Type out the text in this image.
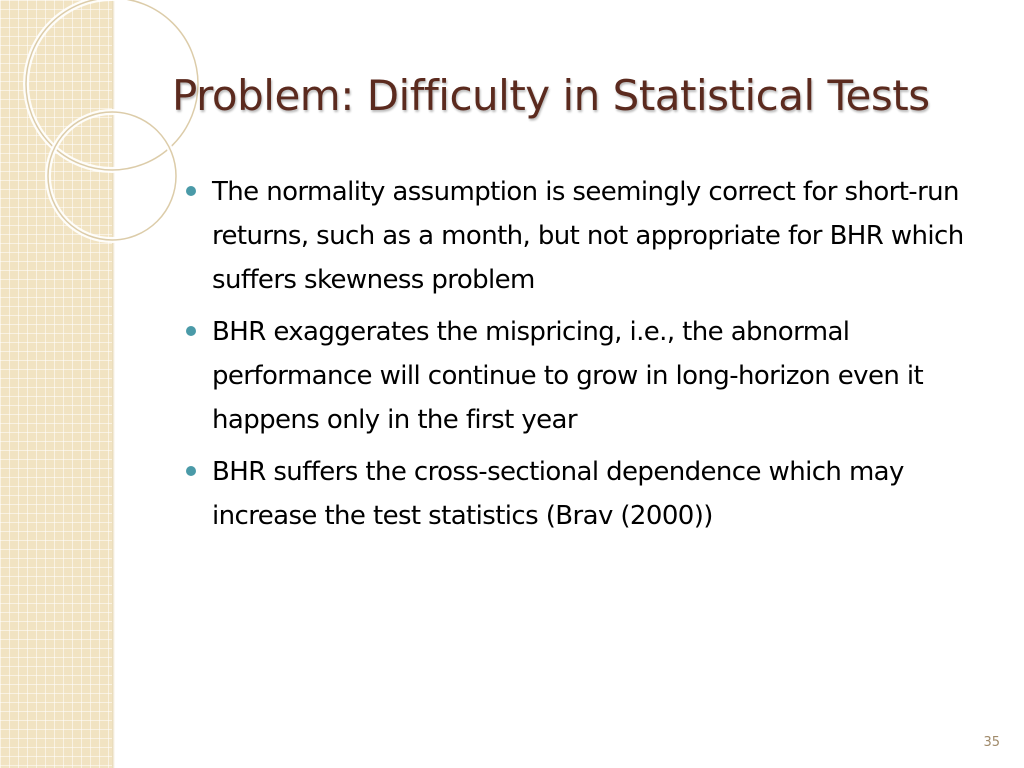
Problem: Difficulty in Statistical Tests
The normality assumption is seemingly correct for short-run returns, such as a month, but not appropriate for BHR which suffers skewness problem
BHR exaggerates the mispricing, i.e., the abnormal performance will continue to grow in long-horizon even it happens only in the first year
BHR suffers the cross-sectional dependence which may increase the test statistics (Brav (2000))
35
